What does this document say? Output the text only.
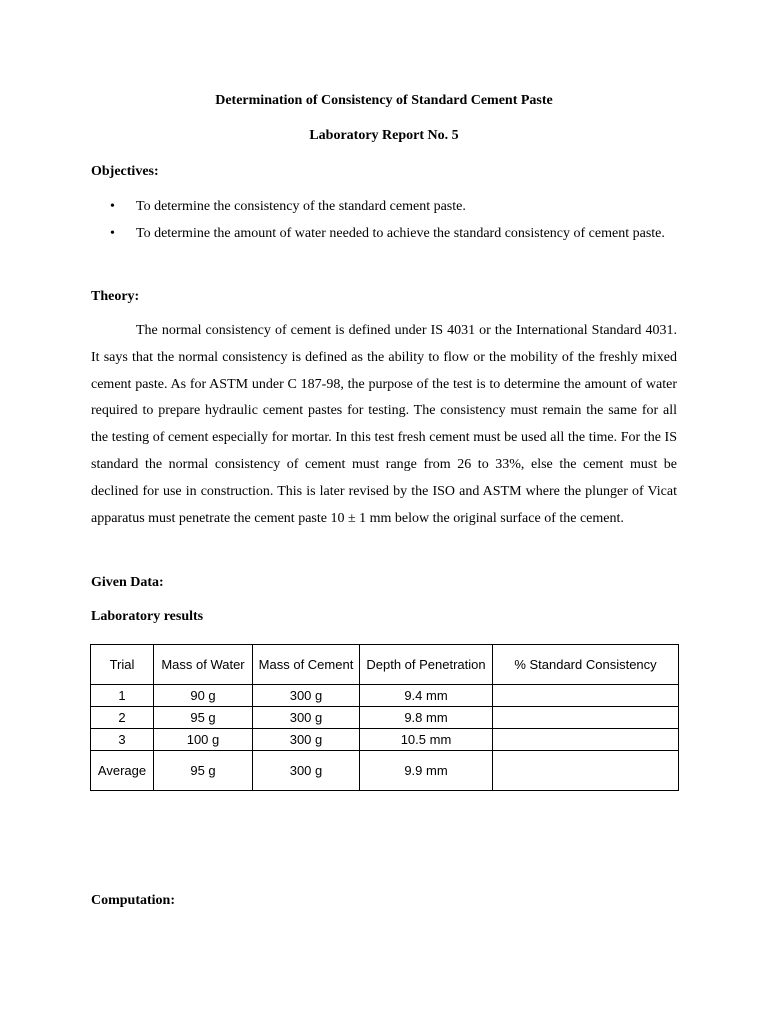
Determination of Consistency of Standard Cement Paste
Laboratory Report No. 5
Objectives:
• To determine the consistency of the standard cement paste.
• To determine the amount of water needed to achieve the standard consistency of cement paste.
Theory:
The normal consistency of cement is defined under IS 4031 or the International Standard 4031. It says that the normal consistency is defined as the ability to flow or the mobility of the freshly mixed cement paste. As for ASTM under C 187-98, the purpose of the test is to determine the amount of water required to prepare hydraulic cement pastes for testing. The consistency must remain the same for all the testing of cement especially for mortar. In this test fresh cement must be used all the time. For the IS standard the normal consistency of cement must range from 26 to 33%, else the cement must be declined for use in construction. This is later revised by the ISO and ASTM where the plunger of Vicat apparatus must penetrate the cement paste 10 ± 1 mm below the original surface of the cement.
Given Data:
Laboratory results
Trial	Mass of Water	Mass of Cement	Depth of Penetration	% Standard Consistency
1	90 g	300 g	9.4 mm	
2	95 g	300 g	9.8 mm	
3	100 g	300 g	10.5 mm	
Average	95 g	300 g	9.9 mm	
Computation:
